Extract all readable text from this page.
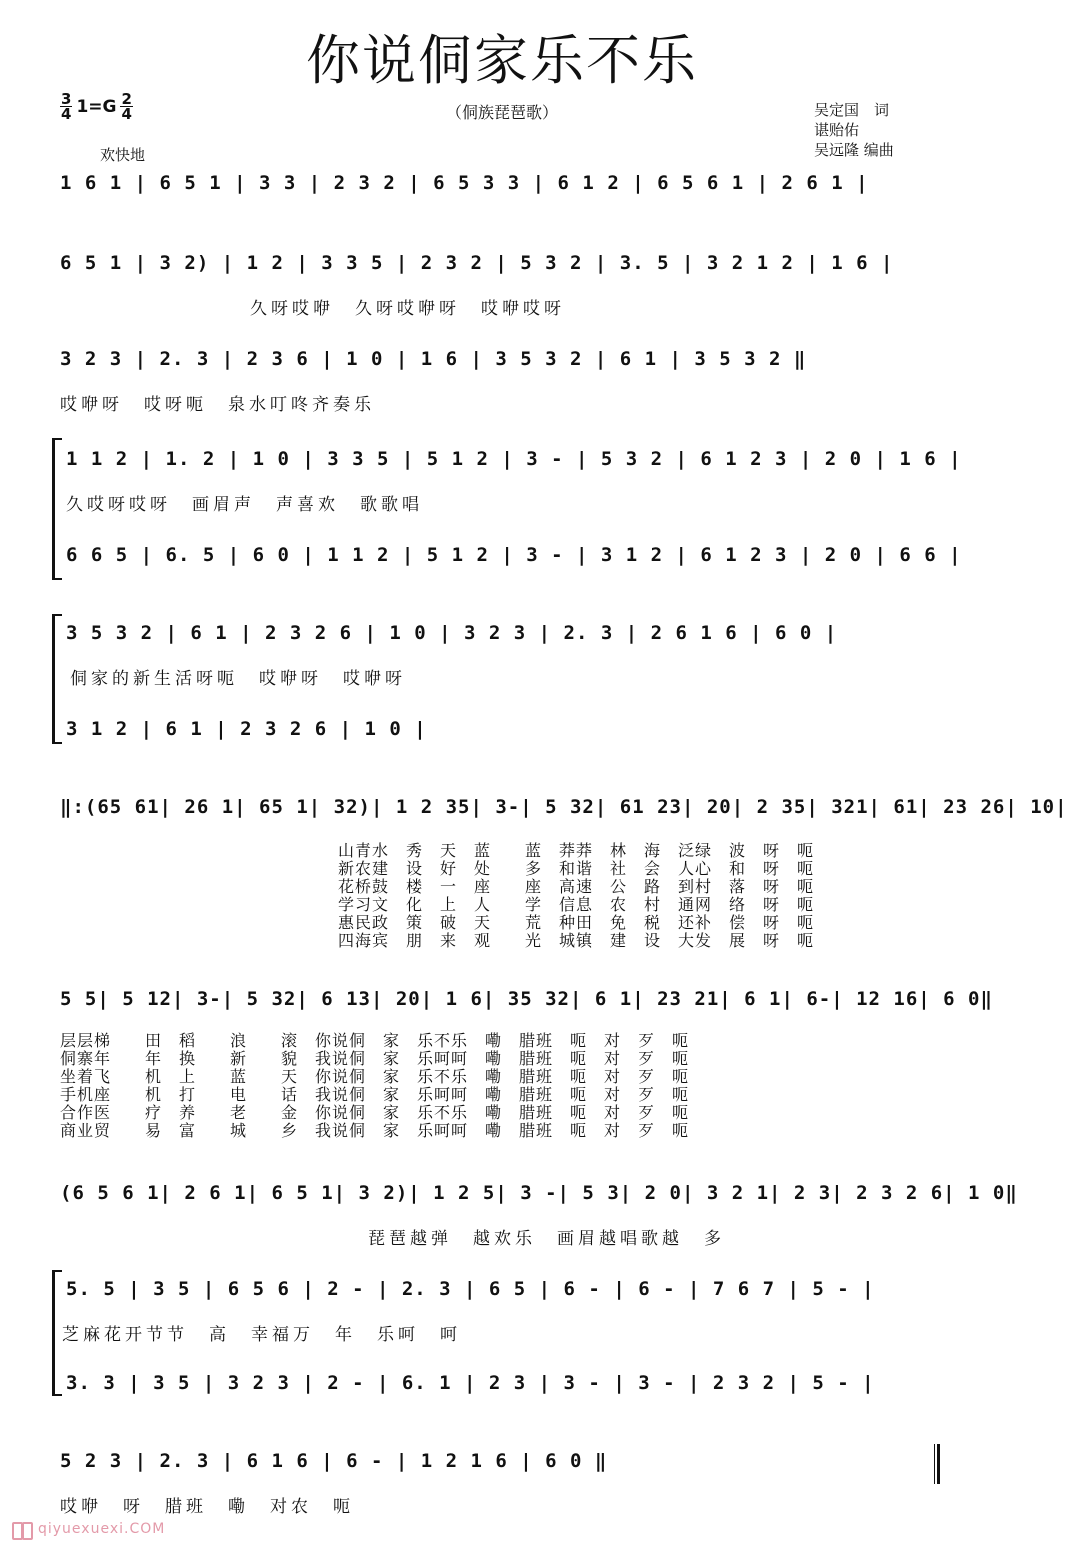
你说侗家乐不乐
（侗族琵琶歌）
$\frac{3}{4} 1=G \frac{2}{4}$	吴定国　词
谌贻佑
吴远隆 编曲
欢快地
1 6 1 | 6 5 1 | 3 3 | 2 3 2 | 6 5 3 3 | 6 1 2 | 6 5 6 1 | 2 6 1 |
6 5 1 | 3 2) | 1 2 | 3 3 5 | 2 3 2 | 5 3 2 | 3. 5 | 3 2 1 2 | 1 6 |
久呀哎咿　久呀哎咿呀　哎咿哎呀
3 2 3 | 2. 3 | 2 3 6 | 1 0 | 1 6 | 3 5 3 2 | 6 1 | 3 5 3 2 ‖
哎咿呀　哎呀呃　泉水叮咚齐奏乐
1 1 2 | 1. 2 | 1 0 | 3 3 5 | 5 1 2 | 3 - | 5 3 2 | 6 1 2 3 | 2 0 | 1 6 |
久哎呀哎呀　画眉声　声喜欢　歌歌唱
6 6 5 | 6. 5 | 6 0 | 1 1 2 | 5 1 2 | 3 - | 3 1 2 | 6 1 2 3 | 2 0 | 6 6 |
3 5 3 2 | 6 1 | 2 3 2 6 | 1 0 | 3 2 3 | 2. 3 | 2 6 1 6 | 6 0 |
侗家的新生活呀呃　哎咿呀　哎咿呀
3 1 2 | 6 1 | 2 3 2 6 | 1 0 |
‖:(65 61| 26 1| 65 1| 32)| 1 2 35| 3-| 5 32| 61 23| 20| 2 35| 321| 61| 23 26| 10|
山青水　秀　天　蓝　　蓝　莽莽　林　海　泛绿　波　呀　呃
新农建　设　好　处　　多　和谐　社　会　人心　和　呀　呃
花桥鼓　楼　一　座　　座　高速　公　路　到村　落　呀　呃
学习文　化　上　人　　学　信息　农　村　通网　络　呀　呃
惠民政　策　破　天　　荒　种田　免　税　还补　偿　呀　呃
四海宾　朋　来　观　　光　城镇　建　设　大发　展　呀　呃
5 5| 5 12| 3-| 5 32| 6 13| 20| 1 6| 35 32| 6 1| 23 21| 6 1| 6-| 12 16| 6 0‖
层层梯　　田　稻　　浪　　滚　你说侗　家　乐不乐　嘞　腊班　呃　对　歹　呃
侗寨年　　年　换　　新　　貌　我说侗　家　乐呵呵　嘞　腊班　呃　对　歹　呃
坐着飞　　机　上　　蓝　　天　你说侗　家　乐不乐　嘞　腊班　呃　对　歹　呃
手机座　　机　打　　电　　话　我说侗　家　乐呵呵　嘞　腊班　呃　对　歹　呃
合作医　　疗　养　　老　　金　你说侗　家　乐不乐　嘞　腊班　呃　对　歹　呃
商业贸　　易　富　　城　　乡　我说侗　家　乐呵呵　嘞　腊班　呃　对　歹　呃
(6 5 6 1| 2 6 1| 6 5 1| 3 2)| 1 2 5| 3 -| 5 3| 2 0| 3 2 1| 2 3| 2 3 2 6| 1 0‖
琵琶越弹　越欢乐　画眉越唱歌越　多
5. 5 | 3 5 | 6 5 6 | 2 - | 2. 3 | 6 5 | 6 - | 6 - | 7 6 7 | 5 - |
芝麻花开节节　高　幸福万　年　乐呵　呵
3. 3 | 3 5 | 3 2 3 | 2 - | 6. 1 | 2 3 | 3 - | 3 - | 2 3 2 | 5 - |
5 2 3 | 2. 3 | 6 1 6 | 6 - | 1 2 1 6 | 6 0 ‖
哎咿　呀　腊班　嘞　对农　呃
qiyuexuexi.COM
